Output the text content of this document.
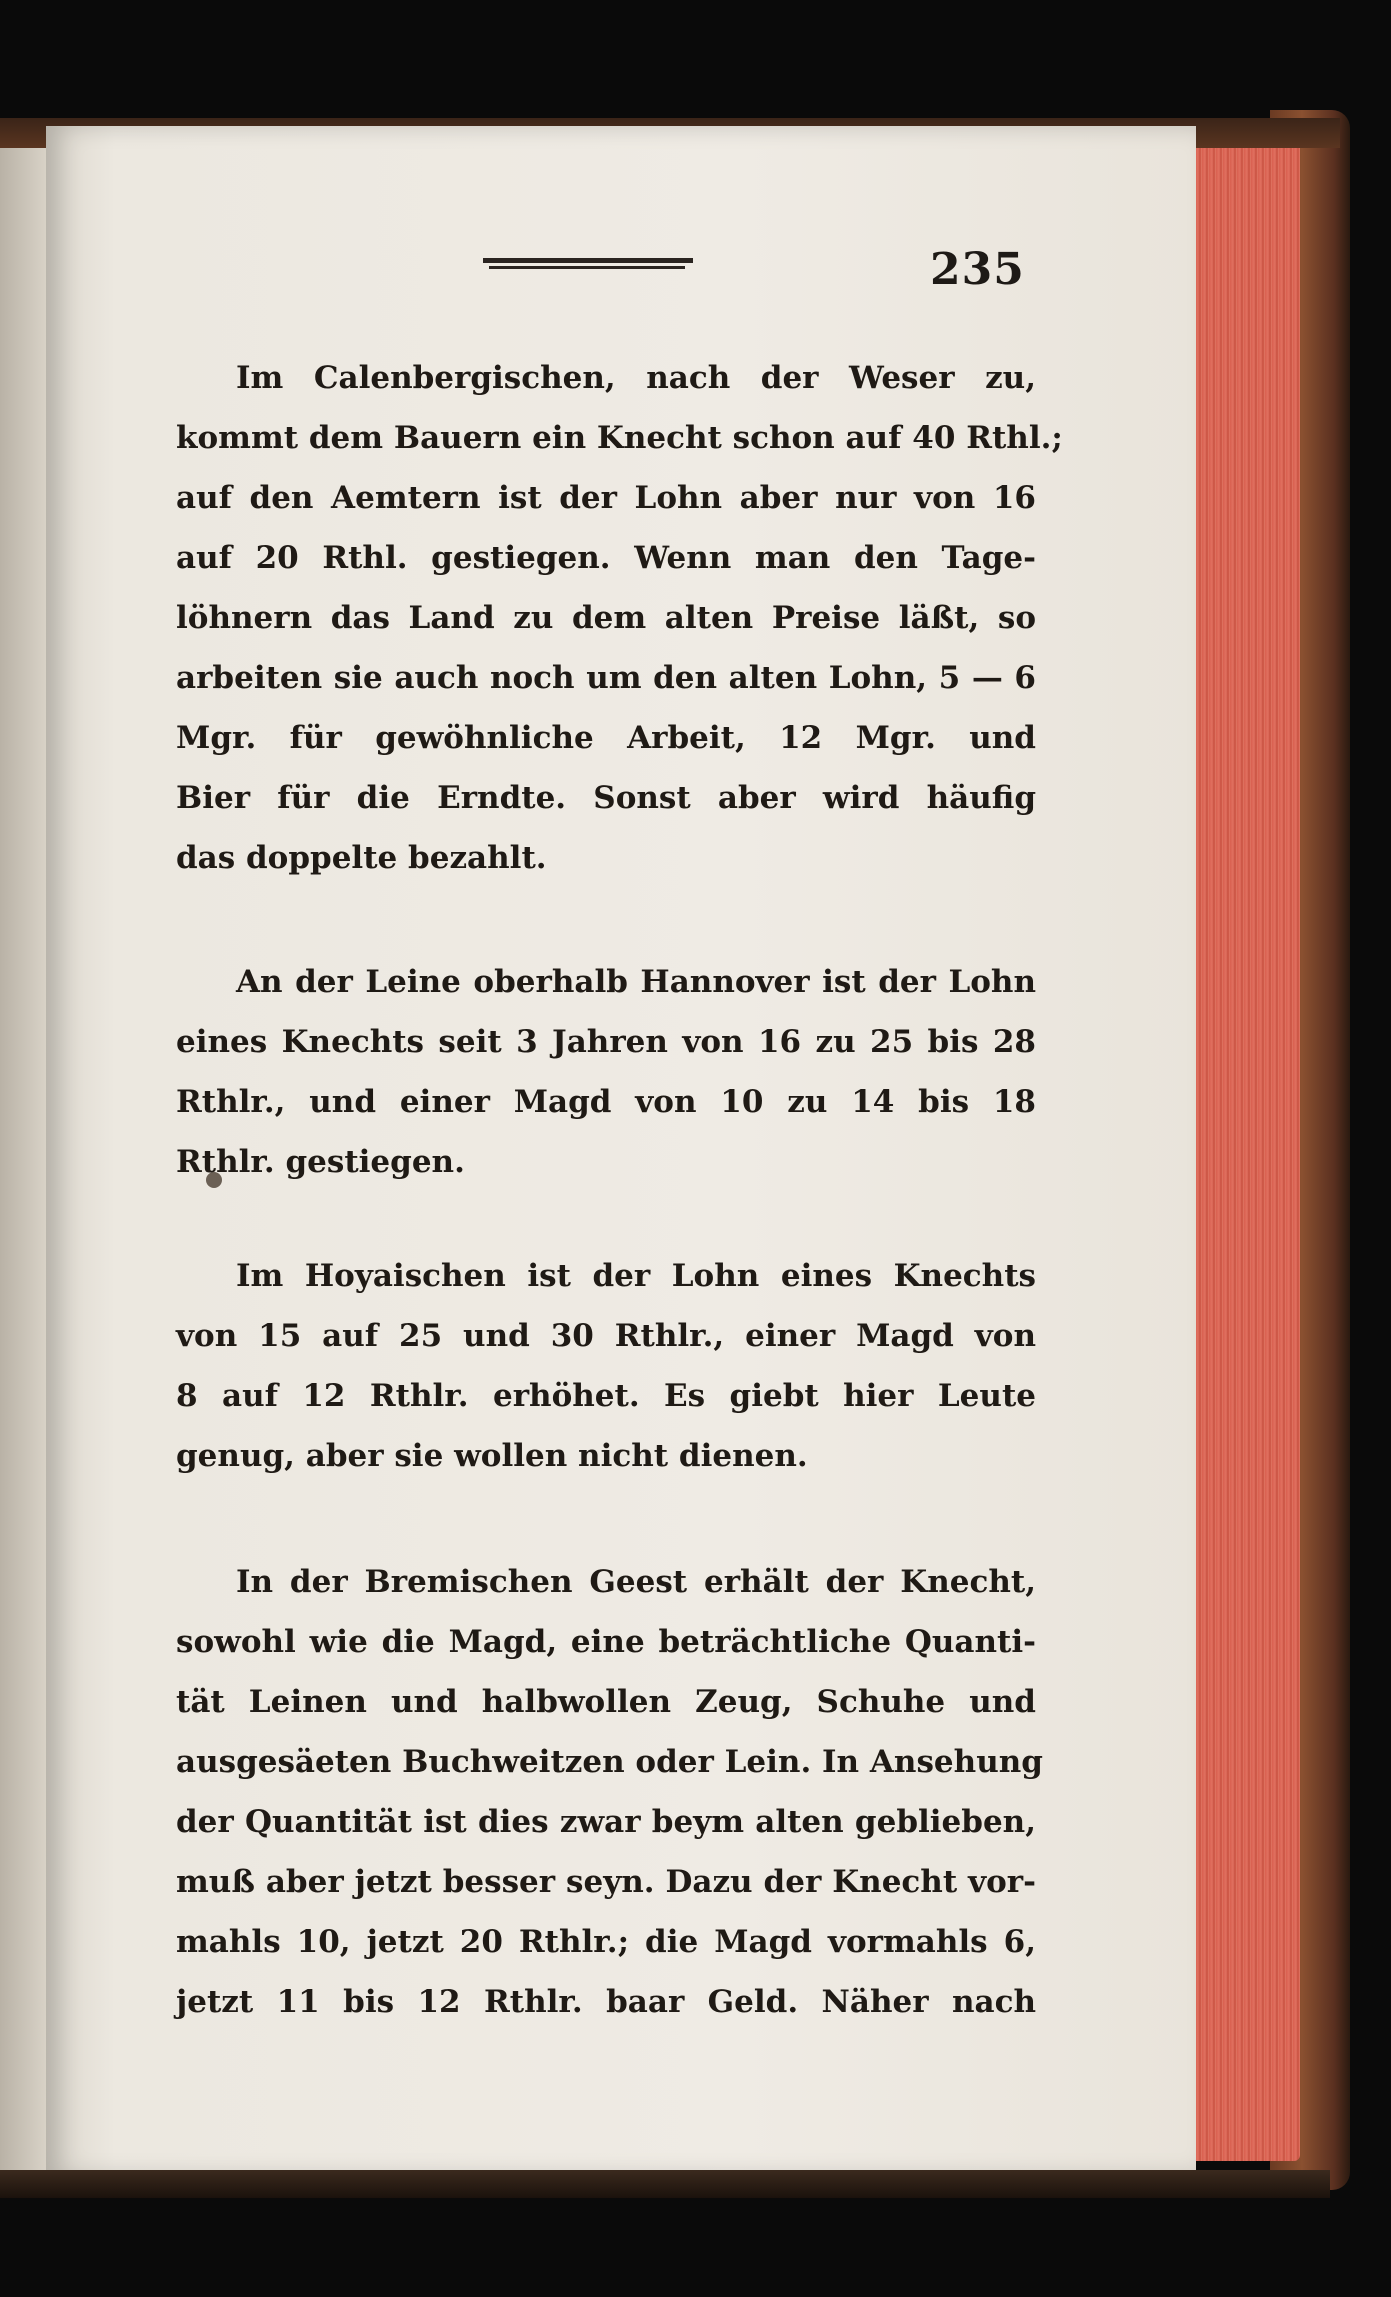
235
Im Calenbergischen, nach der Weser zu,
kommt dem Bauern ein Knecht schon auf 40 Rthl.;
auf den Aemtern ist der Lohn aber nur von 16
auf 20 Rthl. gestiegen. Wenn man den Tage-
löhnern das Land zu dem alten Preise läßt, so
arbeiten sie auch noch um den alten Lohn, 5 — 6
Mgr. für gewöhnliche Arbeit, 12 Mgr. und
Bier für die Erndte. Sonst aber wird häufig
das doppelte bezahlt.
An der Leine oberhalb Hannover ist der Lohn
eines Knechts seit 3 Jahren von 16 zu 25 bis 28
Rthlr., und einer Magd von 10 zu 14 bis 18
Rthlr. gestiegen.
Im Hoyaischen ist der Lohn eines Knechts
von 15 auf 25 und 30 Rthlr., einer Magd von
8 auf 12 Rthlr. erhöhet. Es giebt hier Leute
genug, aber sie wollen nicht dienen.
In der Bremischen Geest erhält der Knecht,
sowohl wie die Magd, eine beträchtliche Quanti-
tät Leinen und halbwollen Zeug, Schuhe und
ausgesäeten Buchweitzen oder Lein. In Ansehung
der Quantität ist dies zwar beym alten geblieben,
muß aber jetzt besser seyn. Dazu der Knecht vor-
mahls 10, jetzt 20 Rthlr.; die Magd vormahls 6,
jetzt 11 bis 12 Rthlr. baar Geld. Näher nach
